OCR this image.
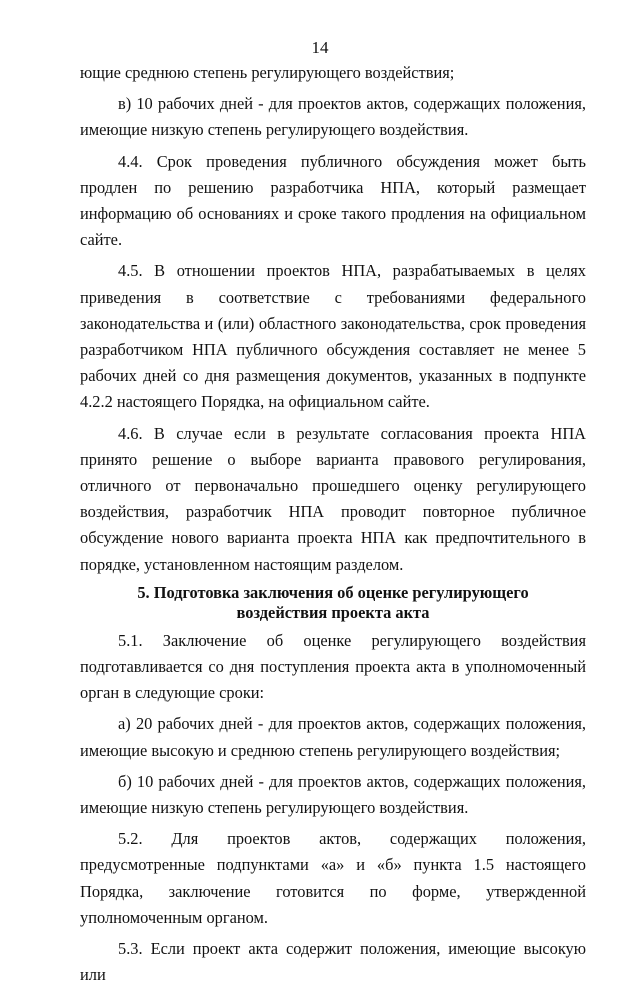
14

ющие среднюю степень регулирующего воздействия;

в) 10 рабочих дней - для проектов актов, содержащих положения, имеющие низкую степень регулирующего воздействия.

4.4. Срок проведения публичного обсуждения может быть продлен по решению разработчика НПА, который размещает информацию об основаниях и сроке такого продления на официальном сайте.

4.5. В отношении проектов НПА, разрабатываемых в целях приведения в соответствие с требованиями федерального законодательства и (или) областного законодательства, срок проведения разработчиком НПА публичного обсуждения составляет не менее 5 рабочих дней со дня размещения документов, указанных в подпункте 4.2.2 настоящего Порядка, на официальном сайте.

4.6. В случае если в результате согласования проекта НПА принято решение о выборе варианта правового регулирования, отличного от первоначально прошедшего оценку регулирующего воздействия, разработчик НПА проводит повторное публичное обсуждение нового варианта проекта НПА как предпочтительного в порядке, установленном настоящим разделом.

5. Подготовка заключения об оценке регулирующего
воздействия проекта акта

5.1. Заключение об оценке регулирующего воздействия подготавливается со дня поступления проекта акта в уполномоченный орган в следующие сроки:

а) 20 рабочих дней - для проектов актов, содержащих положения, имеющие высокую и среднюю степень регулирующего воздействия;

б) 10 рабочих дней - для проектов актов, содержащих положения, имеющие низкую степень регулирующего воздействия.

5.2. Для проектов актов, содержащих положения, предусмотренные подпунктами «а» и «б» пункта 1.5 настоящего Порядка, заключение готовится по форме, утвержденной уполномоченным органом.

5.3. Если проект акта содержит положения, имеющие высокую или
